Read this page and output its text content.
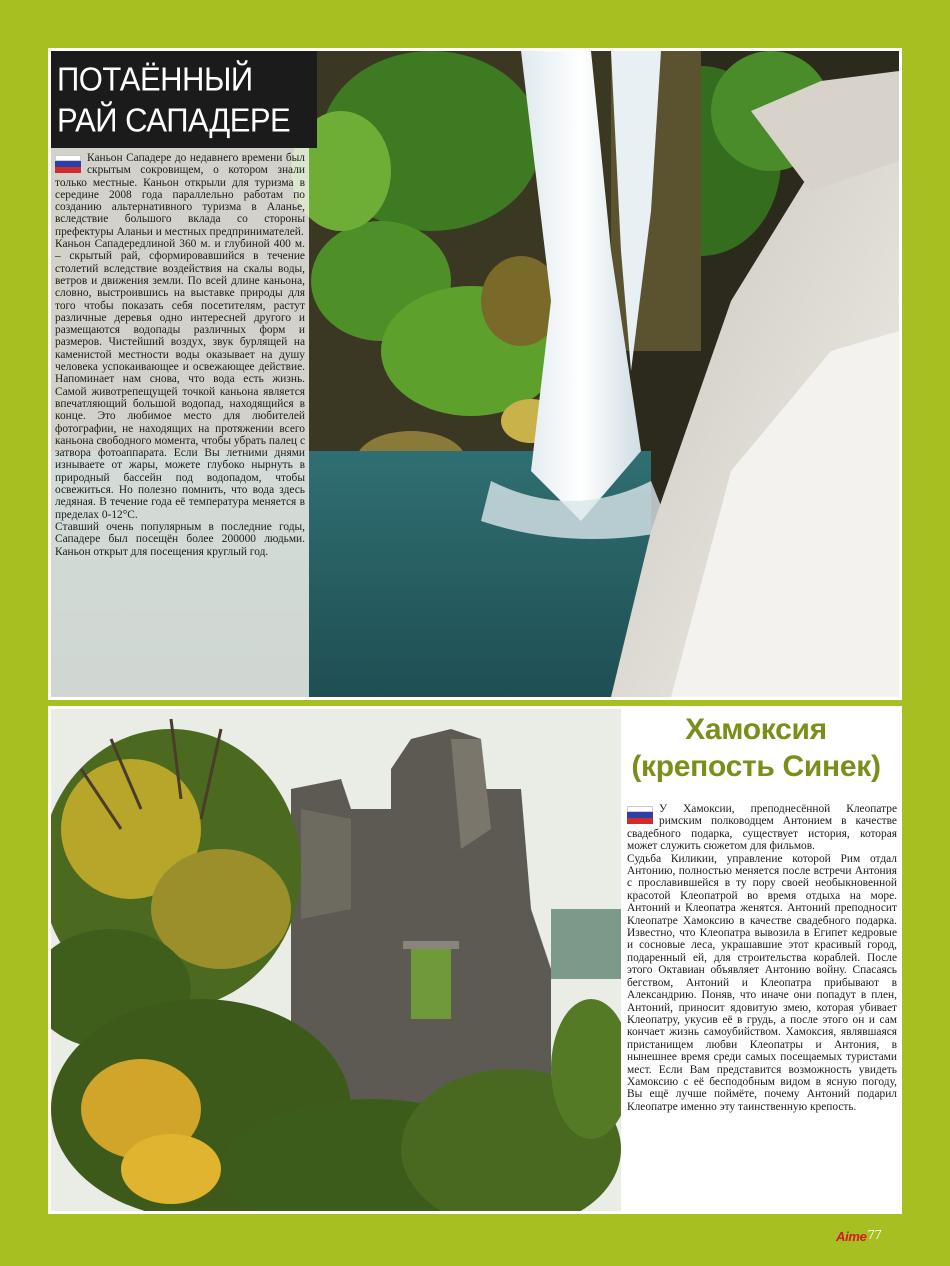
ПОТАЁННЫЙ РАЙ САПАДЕРЕ

Каньон Сападере до недавнего времени был скрытым сокровищем, о котором знали только местные. Каньон открыли для туризма в середине 2008 года параллельно работам по созданию альтернативного туризма в Аланье, вследствие большого вклада со стороны префектуры Аланьи и местных предпринимателей.

Каньон Сападередлиной 360 м. и глубиной 400 м. – скрытый рай, сформировавшийся в течение столетий вследствие воздействия на скалы воды, ветров и движения земли. По всей длине каньона, словно, выстроившись на выставке природы для того чтобы показать себя посетителям, растут различные деревья одно интересней другого и размещаются водопады различных форм и размеров. Чистейший воздух, звук бурлящей на каменистой местности воды оказывает на душу человека успокаивающее и освежающее действие. Напоминает нам снова, что вода есть жизнь. Самой животрепещущей точкой каньона является впечатляющий большой водопад, находящийся в конце. Это любимое место для любителей фотографии, не находящих на протяжении всего каньона свободного момента, чтобы убрать палец с затвора фотоаппарата. Если Вы летними днями изнываете от жары, можете глубоко нырнуть в природный бассейн под водопадом, чтобы освежиться. Но полезно помнить, что вода здесь ледяная. В течение года её температура меняется в пределах 0-12°С.

Ставший очень популярным в последние годы, Сападере был посещён более 200000 людьми. Каньон открыт для посещения круглый год.

Хамоксия
(крепость Синек)

У Хамоксии, преподнесённой Клеопатре римским полководцем Антонием в качестве свадебного подарка, существует история, которая может служить сюжетом для фильмов.

Судьба Киликии, управление которой Рим отдал Антонию, полностью меняется после встречи Антония с прославившейся в ту пору своей необыкновенной красотой Клеопатрой во время отдыха на море. Антоний и Клеопатра женятся. Антоний преподносит Клеопатре Хамоксию в качестве свадебного подарка. Известно, что Клеопатра вывозила в Египет кедровые и сосновые леса, украшавшие этот красивый город, подаренный ей, для строительства кораблей. После этого Октавиан объявляет Антонию войну. Спасаясь бегством, Антоний и Клеопатра прибывают в Александрию. Поняв, что иначе они попадут в плен, Антоний, приносит ядовитую змею, которая убивает Клеопатру, укусив её в грудь, а после этого он и сам кончает жизнь самоубийством. Хамоксия, являвшаяся пристанищем любви Клеопатры и Антония, в нынешнее время среди самых посещаемых туристами мест. Если Вам представится возможность увидеть Хамоксию с её бесподобным видом в ясную погоду, Вы ещё лучше поймёте, почему Антоний подарил Клеопатре именно эту таинственную крепость.

Aime 77
